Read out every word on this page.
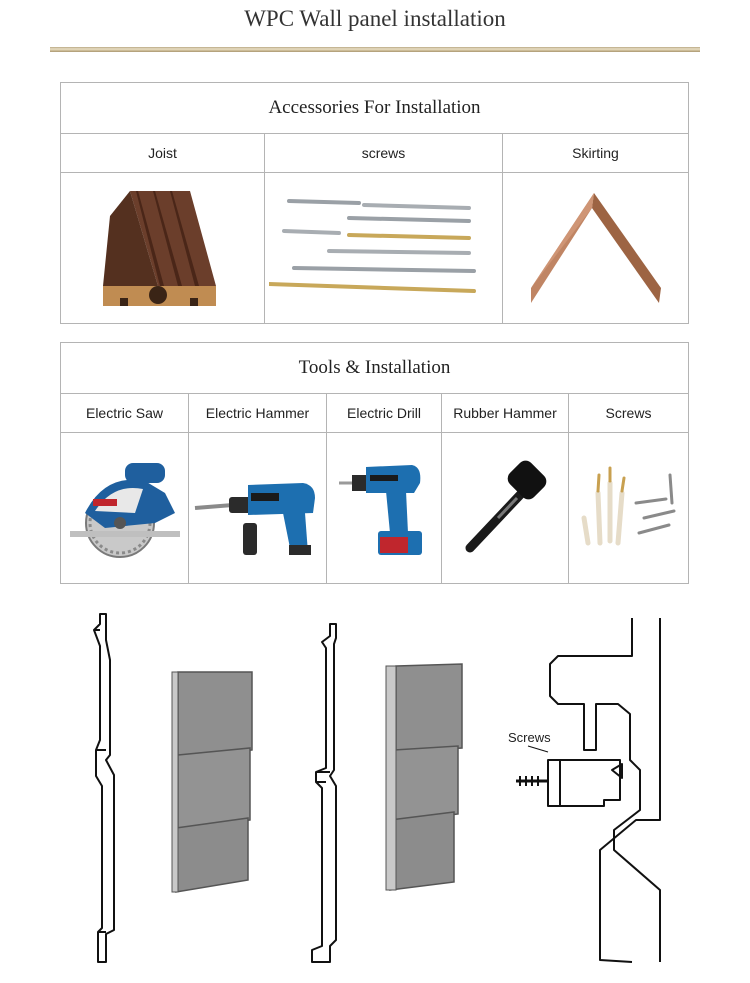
WPC Wall panel installation
Accessories For Installation
Joist	screws	Skirting
Tools & Installation
Electric Saw	Electric Hammer	Electric Drill	Rubber Hammer	Screws
Screws
